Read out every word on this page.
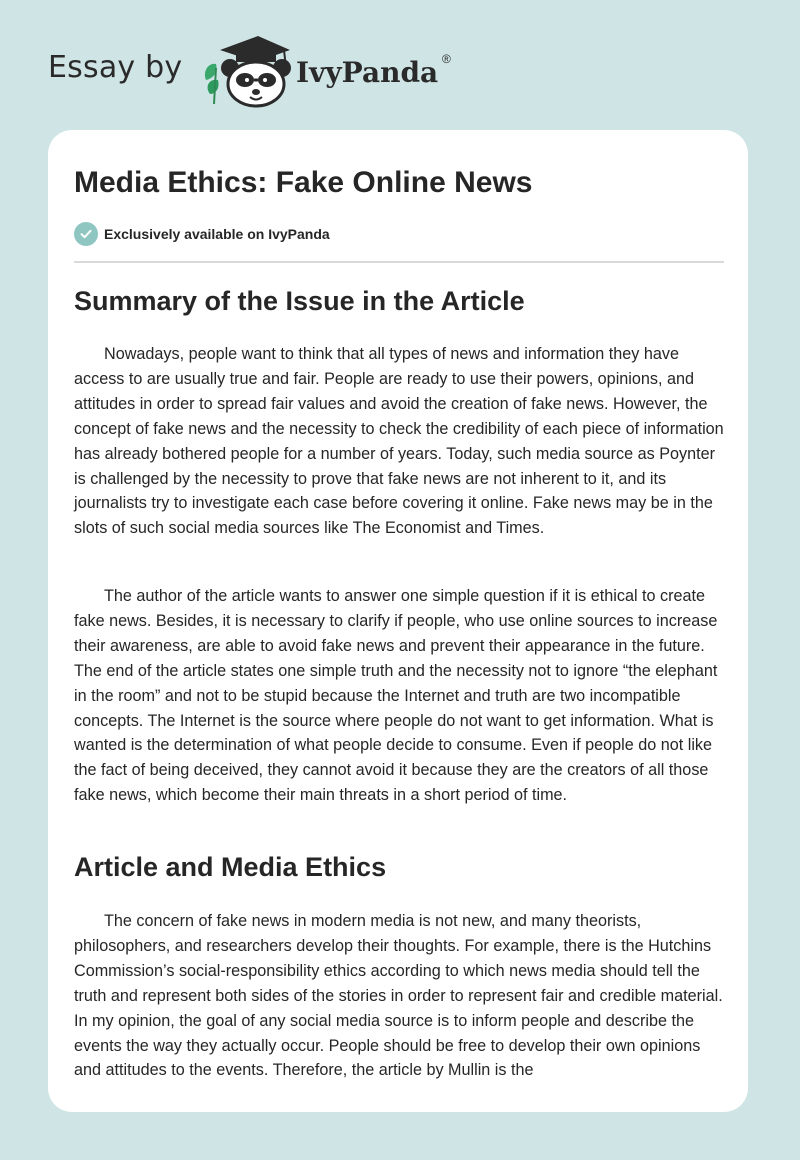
Essay by	IvyPanda ®
Media Ethics: Fake Online News
Exclusively available on IvyPanda
Summary of the Issue in the Article

Nowadays, people want to think that all types of news and information they have access to are usually true and fair. People are ready to use their powers, opinions, and attitudes in order to spread fair values and avoid the creation of fake news. However, the concept of fake news and the necessity to check the credibility of each piece of information has already bothered people for a number of years. Today, such media source as Poynter is challenged by the necessity to prove that fake news are not inherent to it, and its journalists try to investigate each case before covering it online. Fake news may be in the slots of such social media sources like The Economist and Times.

The author of the article wants to answer one simple question if it is ethical to create fake news. Besides, it is necessary to clarify if people, who use online sources to increase their awareness, are able to avoid fake news and prevent their appearance in the future. The end of the article states one simple truth and the necessity not to ignore “the elephant in the room” and not to be stupid because the Internet and truth are two incompatible concepts. The Internet is the source where people do not want to get information. What is wanted is the determination of what people decide to consume. Even if people do not like the fact of being deceived, they cannot avoid it because they are the creators of all those fake news, which become their main threats in a short period of time.

Article and Media Ethics

The concern of fake news in modern media is not new, and many theorists, philosophers, and researchers develop their thoughts. For example, there is the Hutchins Commission’s social-responsibility ethics according to which news media should tell the truth and represent both sides of the stories in order to represent fair and credible material. In my opinion, the goal of any social media source is to inform people and describe the events the way they actually occur. People should be free to develop their own opinions and attitudes to the events. Therefore, the article by Mullin is the
